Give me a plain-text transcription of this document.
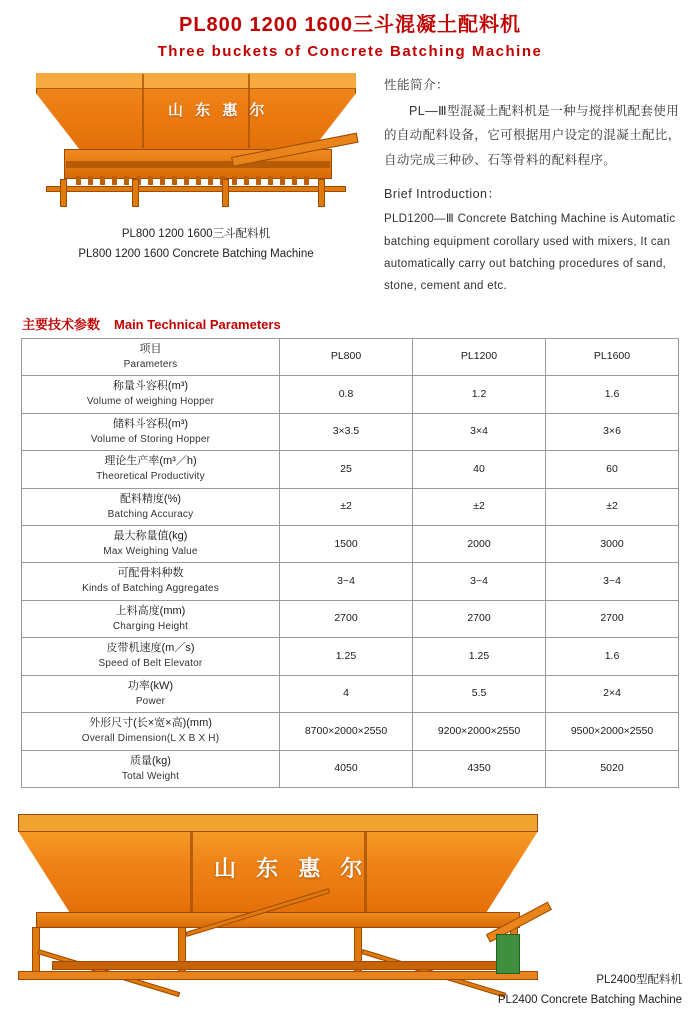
PL800 1200 1600三斗混凝土配料机
Three buckets of Concrete Batching Machine
山 东 惠 尔
PL800 1200 1600三斗配料机
PL800 1200 1600 Concrete Batching Machine
性能简介：

PL—Ⅲ型混凝土配料机是一种与搅拌机配套使用的自动配料设备，它可根据用户设定的混凝土配比，自动完成三种砂、石等骨料的配料程序。

Brief Introduction：

PLD1200—Ⅲ Concrete Batching Machine is Automatic batching equipment corollary used with mixers, It can automatically carry out batching procedures of sand, stone, cement and etc.

主要技术参数 Main Technical Parameters
项目
Parameters	PL800	PL1200	PL1600

称量斗容积(m³)
Volume of weighing Hopper	0.8	1.2	1.6

储料斗容积(m³)
Volume of Storing Hopper	3×3.5	3×4	3×6

理论生产率(m³／h)
Theoretical Productivity	25	40	60

配料精度(%)
Batching Accuracy	±2	±2	±2

最大称量值(kg)
Max Weighing Value	1500	2000	3000

可配骨料种数
Kinds of Batching Aggregates	3~4	3~4	3~4

上料高度(mm)
Charging Height	2700	2700	2700

皮带机速度(m／s)
Speed of Belt Elevator	1.25	1.25	1.6

功率(kW)
Power	4	5.5	2×4

外形尺寸(长×宽×高)(mm)
Overall Dimension(L X B X H)	8700×2000×2550	9200×2000×2550	9500×2000×2550

质量(kg)
Total Weight	4050	4350	5020
山 东 惠 尔
PL2400型配料机
PL2400 Concrete Batching Machine
